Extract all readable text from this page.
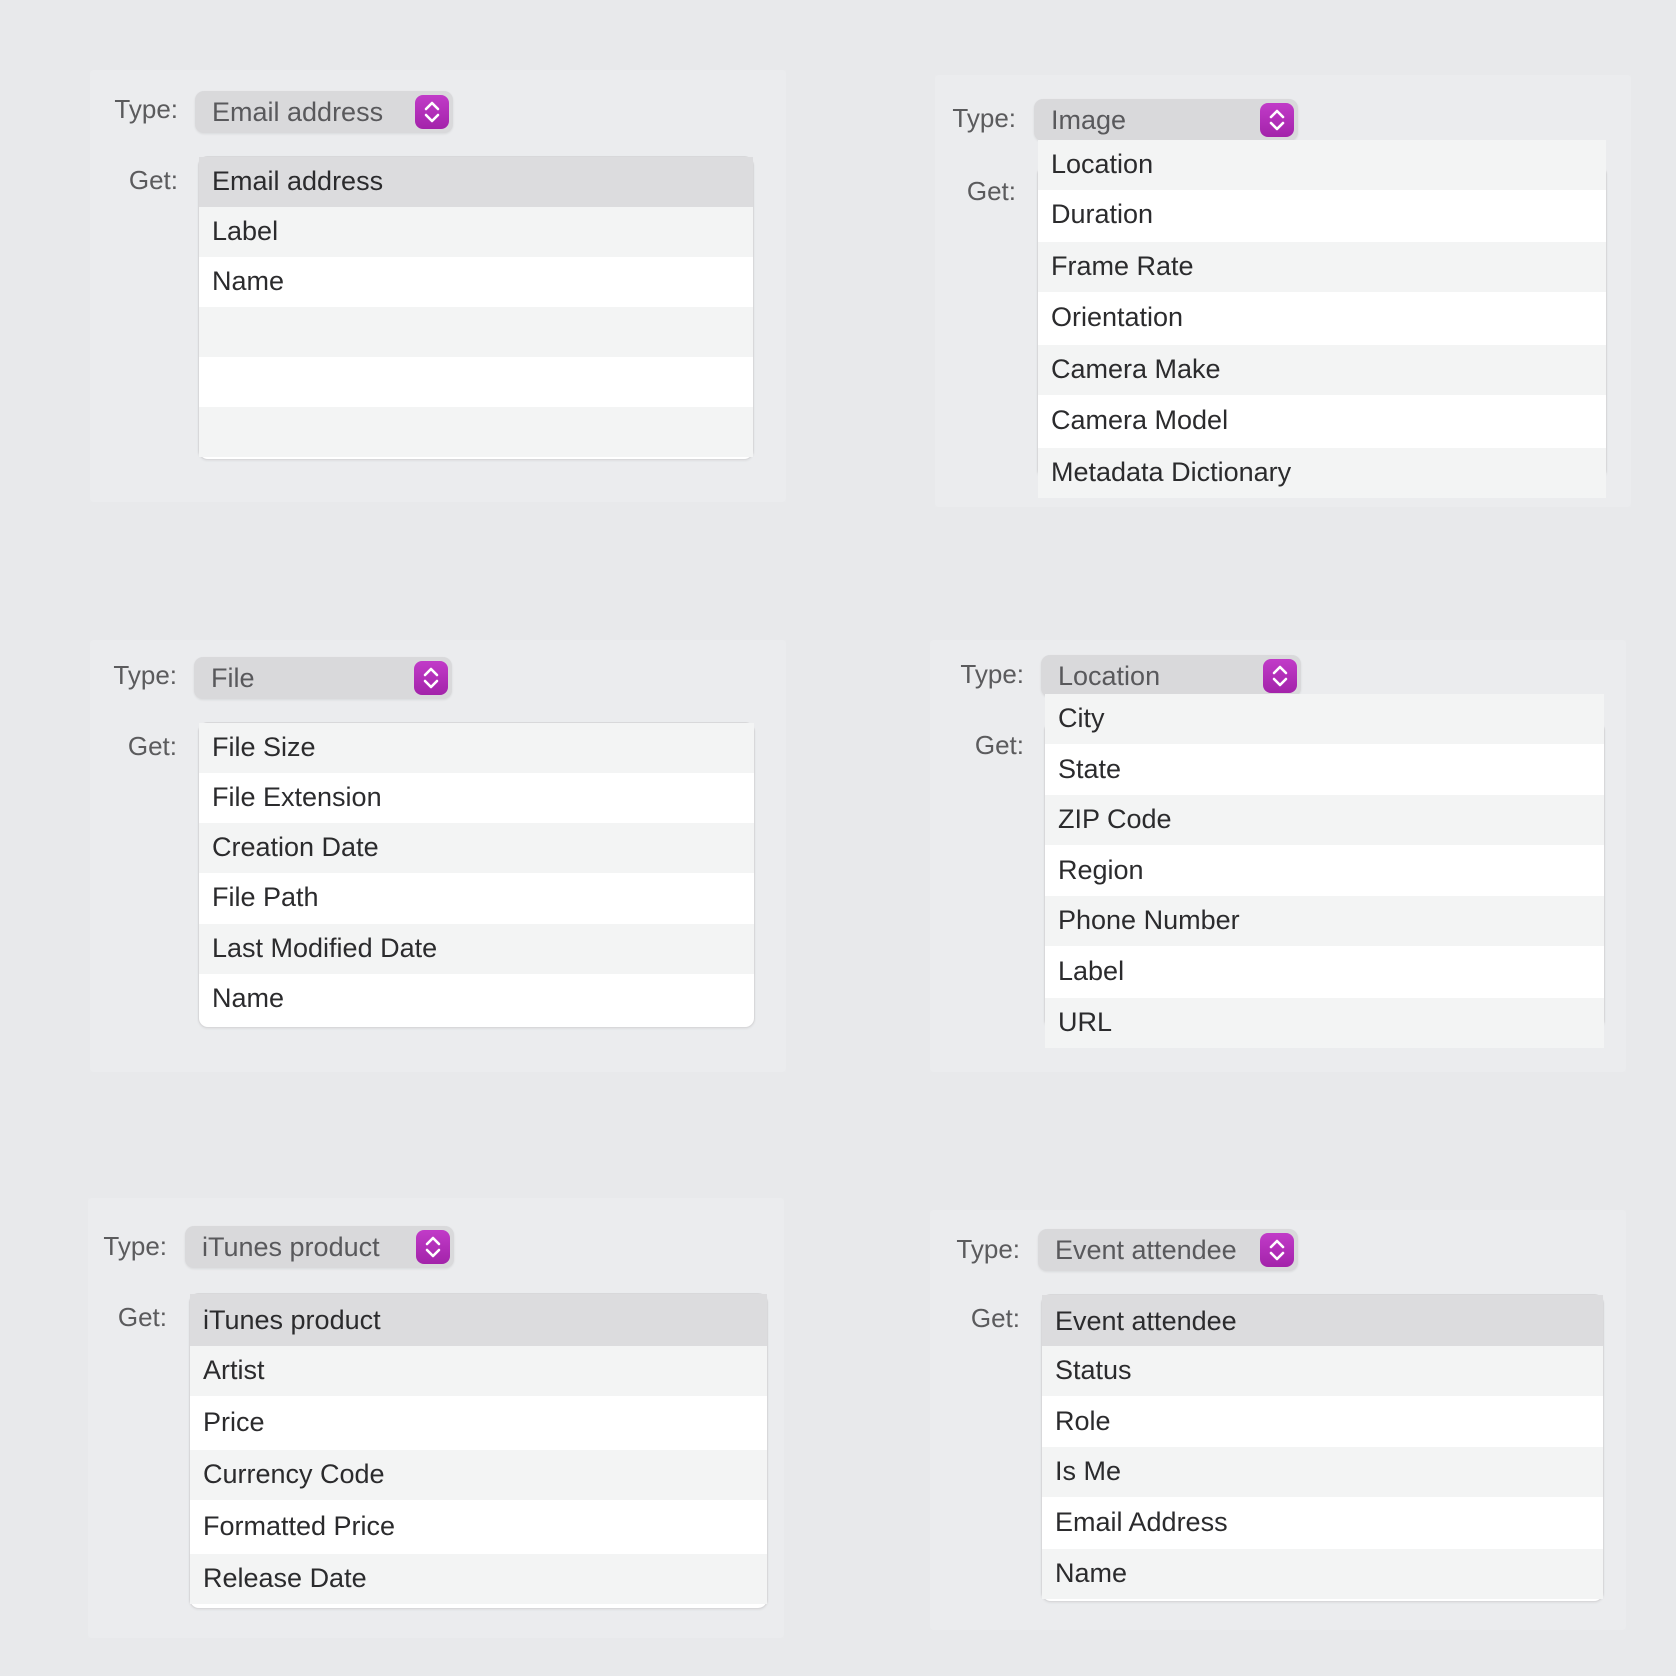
Type: Email address
Get: Email address
Label
Name
Type: Image
Get:
Location
Duration
Frame Rate
Orientation
Camera Make
Camera Model
Metadata Dictionary
Type: File
Get: File Size
File Extension
Creation Date
File Path
Last Modified Date
Name
Type: Location
Get:
City
State
ZIP Code
Region
Phone Number
Label
URL
Type: iTunes product
Get: iTunes product
Artist
Price
Currency Code
Formatted Price
Release Date
Type: Event attendee
Get: Event attendee
Status
Role
Is Me
Email Address
Name
